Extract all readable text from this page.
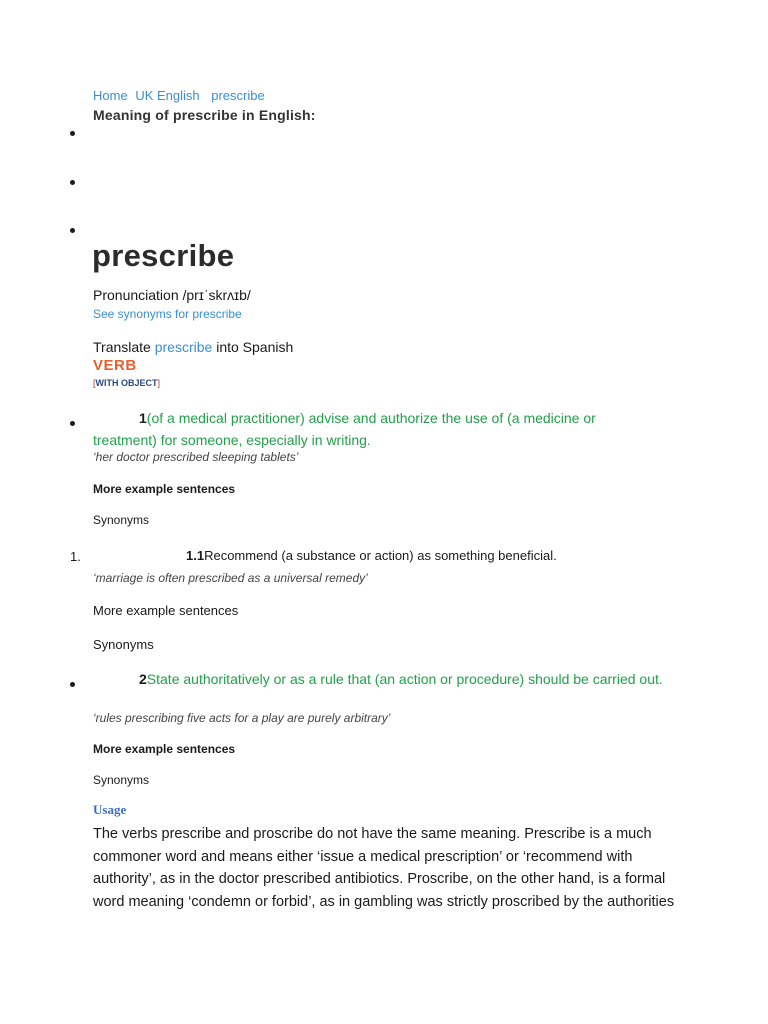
Home UK English prescribe
Meaning of prescribe in English:
prescribe
Pronunciation /prɪˈskrʌɪb/
See synonyms for prescribe
Translate prescribe into Spanish
VERB
[WITH OBJECT]
1(of a medical practitioner) advise and authorize the use of (a medicine or treatment) for someone, especially in writing.
‘her doctor prescribed sleeping tablets’
More example sentences
Synonyms
1.	1.1Recommend (a substance or action) as something beneficial.
‘marriage is often prescribed as a universal remedy’
More example sentences
Synonyms
2State authoritatively or as a rule that (an action or procedure) should be carried out.
‘rules prescribing five acts for a play are purely arbitrary’
More example sentences
Synonyms
Usage
The verbs prescribe and proscribe do not have the same meaning. Prescribe is a much commoner word and means either ‘issue a medical prescription’ or ‘recommend with authority’, as in the doctor prescribed antibiotics. Proscribe, on the other hand, is a formal word meaning ‘condemn or forbid’, as in gambling was strictly proscribed by the authorities
